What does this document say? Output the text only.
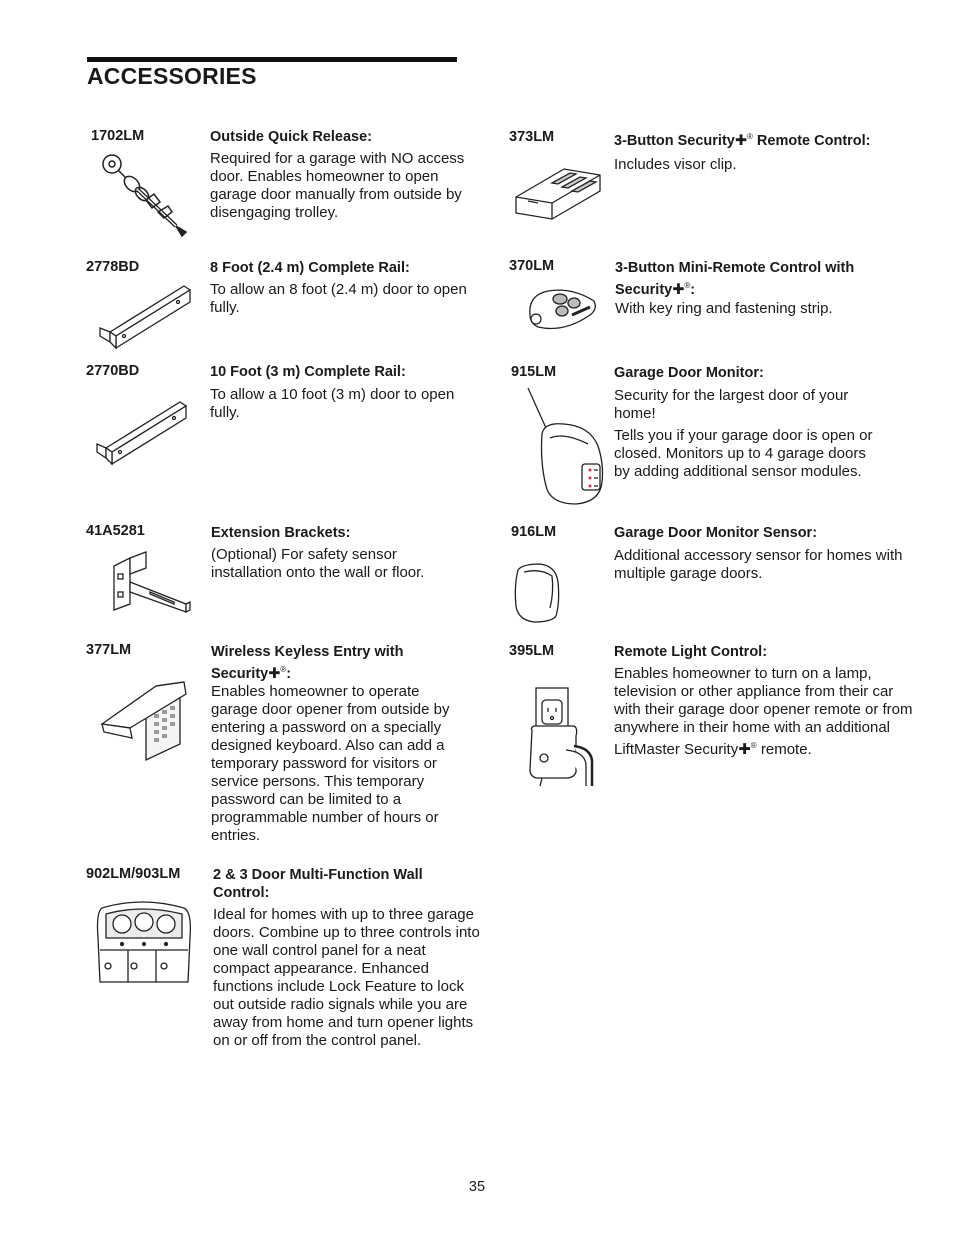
ACCESSORIES
1702LM	Outside Quick Release:
Required for a garage with NO access door. Enables homeowner to open garage door manually from outside by disengaging trolley.
2778BD	8 Foot (2.4 m) Complete Rail:
To allow an 8 foot (2.4 m) door to open fully.
2770BD	10 Foot (3 m) Complete Rail:
To allow a 10 foot (3 m) door to open fully.
41A5281	Extension Brackets:
(Optional) For safety sensor installation onto the wall or floor.
377LM	Wireless Keyless Entry with
Security✚®:
Enables homeowner to operate garage door opener from outside by entering a password on a specially designed keyboard. Also can add a temporary password for visitors or service persons. This temporary password can be limited to a programmable number of hours or entries.
902LM/903LM 2 & 3 Door Multi-Function Wall Control:
Ideal for homes with up to three garage doors. Combine up to three controls into one wall control panel for a neat compact appearance. Enhanced functions include Lock Feature to lock out outside radio signals while you are away from home and turn opener lights on or off from the control panel.
373LM	3-Button Security✚® Remote Control:
Includes visor clip.
370LM	3-Button Mini-Remote Control with
Security✚®:
With key ring and fastening strip.
915LM	Garage Door Monitor:

Security for the largest door of your home!

Tells you if your garage door is open or closed. Monitors up to 4 garage doors by adding additional sensor modules.

916LM	Garage Door Monitor Sensor:
Additional accessory sensor for homes with multiple garage doors.
395LM	Remote Light Control:
Enables homeowner to turn on a lamp, television or other appliance from their car with their garage door opener remote or from anywhere in their home with an additional LiftMaster Security✚® remote.
35
